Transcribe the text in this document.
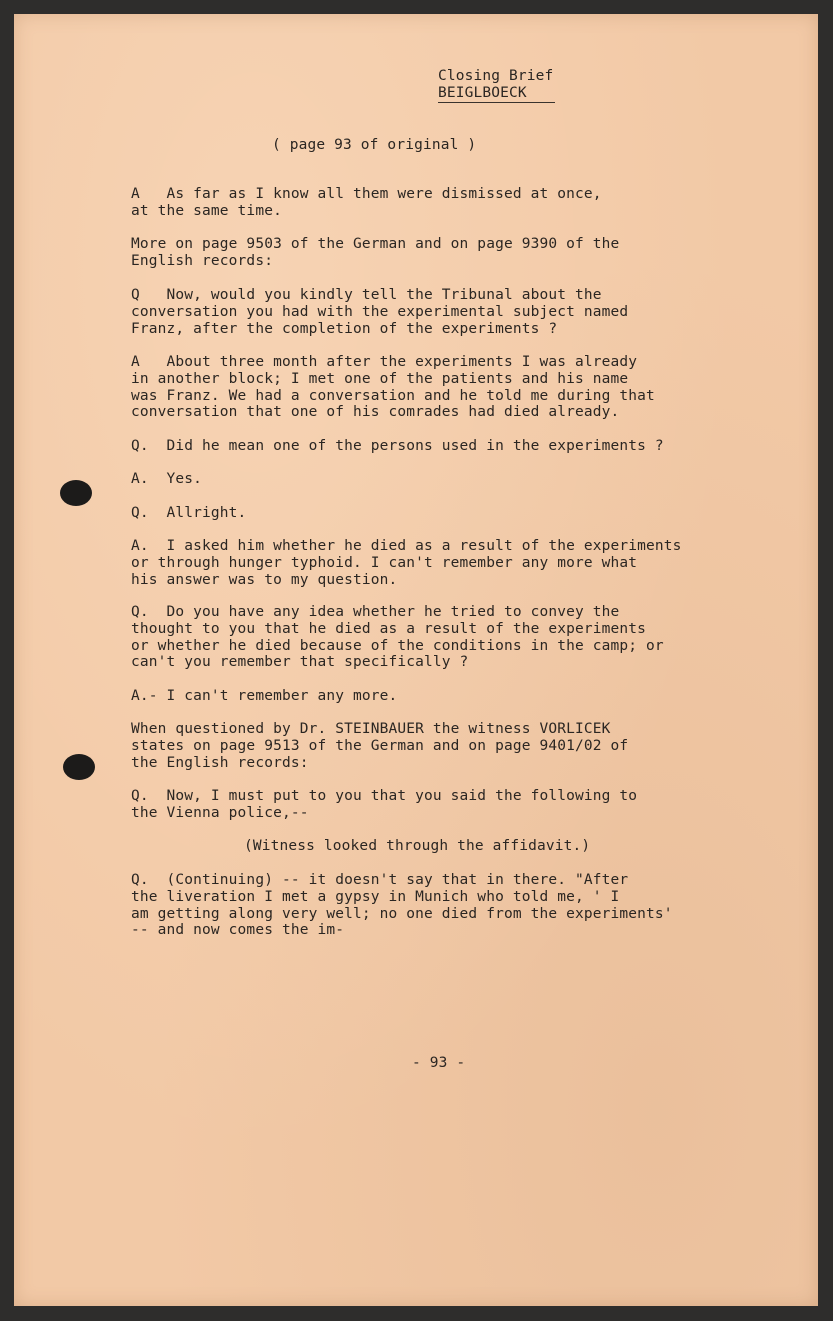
Closing Brief
BEIGLBOECK
( page 93 of original )
A   As far as I know all them were dismissed at once,
at the same time.
More on page 9503 of the German and on page 9390 of the
English records:
Q   Now, would you kindly tell the Tribunal about the
conversation you had with the experimental subject named
Franz, after the completion of the experiments ?
A   About three month after the experiments I was already
in another block; I met one of the patients and his name
was Franz. We had a conversation and he told me during that
conversation that one of his comrades had died already.
Q.  Did he mean one of the persons used in the experiments ?
A.  Yes.
Q.  Allright.
A.  I asked him whether he died as a result of the experiments
or through hunger typhoid. I can't remember any more what
his answer was to my question.
Q.  Do you have any idea whether he tried to convey the
thought to you that he died as a result of the experiments
or whether he died because of the conditions in the camp; or
can't you remember that specifically ?
A.- I can't remember any more.
When questioned by Dr. STEINBAUER the witness VORLICEK
states on page 9513 of the German and on page 9401/02 of
the English records:
Q.  Now, I must put to you that you said the following to
the Vienna police,--
(Witness looked through the affidavit.)
Q.  (Continuing) -- it doesn't say that in there. "After
the liveration I met a gypsy in Munich who told me, ' I
am getting along very well; no one died from the experiments'
-- and now comes the im-
- 93 -
